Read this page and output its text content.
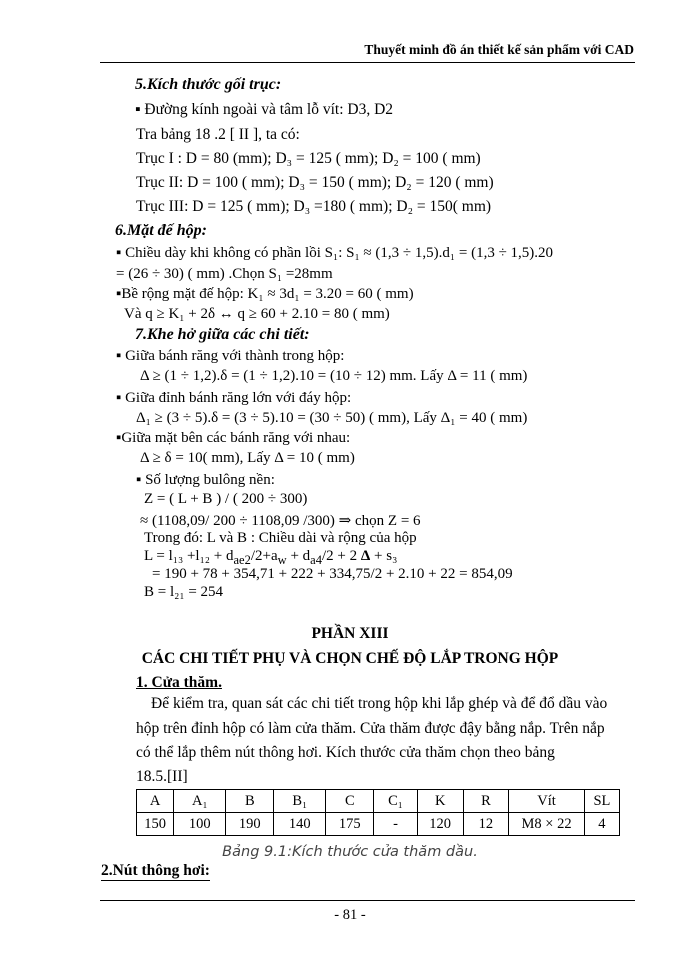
Thuyết minh đồ án thiết kế sản phẩm với CAD
5.Kích thước gối trục:
▪ Đường kính ngoài và tâm lỗ vít: D3, D2
Tra bảng 18 .2 [ II ], ta có:
Trục I : D = 80 (mm); D₃ = 125 ( mm); D₂ = 100 ( mm)
Trục II: D = 100 ( mm); D₃ = 150 ( mm); D₂ = 120 ( mm)
Trục III: D = 125 ( mm); D₃ =180 ( mm); D₂ = 150( mm)
6.Mặt đế hộp:
▪ Chiều dày khi không có phần lồi S₁: S₁ ≈ (1,3 ÷ 1,5).d₁ = (1,3 ÷ 1,5).20
= (26 ÷ 30) ( mm) .Chọn S₁ =28mm
▪Bề rộng mặt đế hộp: K₁ ≈ 3d₁ = 3.20 = 60 ( mm)
Và q ≥ K₁ + 2δ ↔ q ≥ 60 + 2.10 = 80 ( mm)
7.Khe hở giữa các chi tiết:
▪ Giữa bánh răng với thành trong hộp:
Δ ≥ (1 ÷ 1,2).δ = (1 ÷ 1,2).10 = (10 ÷ 12) mm. Lấy Δ = 11 ( mm)
▪ Giữa đỉnh bánh răng lớn với đáy hộp:
Δ₁ ≥ (3 ÷ 5).δ = (3 ÷ 5).10 = (30 ÷ 50) ( mm), Lấy Δ₁ = 40 ( mm)
▪Giữa mặt bên các bánh răng với nhau:
Δ ≥ δ = 10( mm), Lấy Δ = 10 ( mm)
▪ Số lượng bulông nền:
Z = ( L + B ) / ( 200 ÷ 300)
≈ (1108,09/ 200 ÷ 1108,09 /300) ⇒ chọn Z = 6
Trong đó: L và B : Chiều dài và rộng của hộp
$L = l_{13} +l_{12} + d_{ae2}/2+a_w + d_{a4}/2 + 2$ Δ + s₃
= 190 + 78 + 354,71 + 222 + 334,75/2 + 2.10 + 22 = 854,09
B = l₂₁ = 254
PHẦN XIII
CÁC CHI TIẾT PHỤ VÀ CHỌN CHẾ ĐỘ LẮP TRONG HỘP
1. Cửa thăm.
Để kiểm tra, quan sát các chi tiết trong hộp khi lắp ghép và để đổ dầu vào
hộp trên đỉnh hộp có làm cửa thăm. Cửa thăm được đậy bằng nắp. Trên nắp
có thể lắp thêm nút thông hơi. Kích thước cửa thăm chọn theo bảng
18.5.[II]
A	A₁	B	B₁	C	C₁	K	R	Vít	SL
150	100	190	140	175	-	120	12	M8 × 22	4
Bảng 9.1:Kích thước cửa thăm dầu.
2.Nút thông hơi:
- 81 -
